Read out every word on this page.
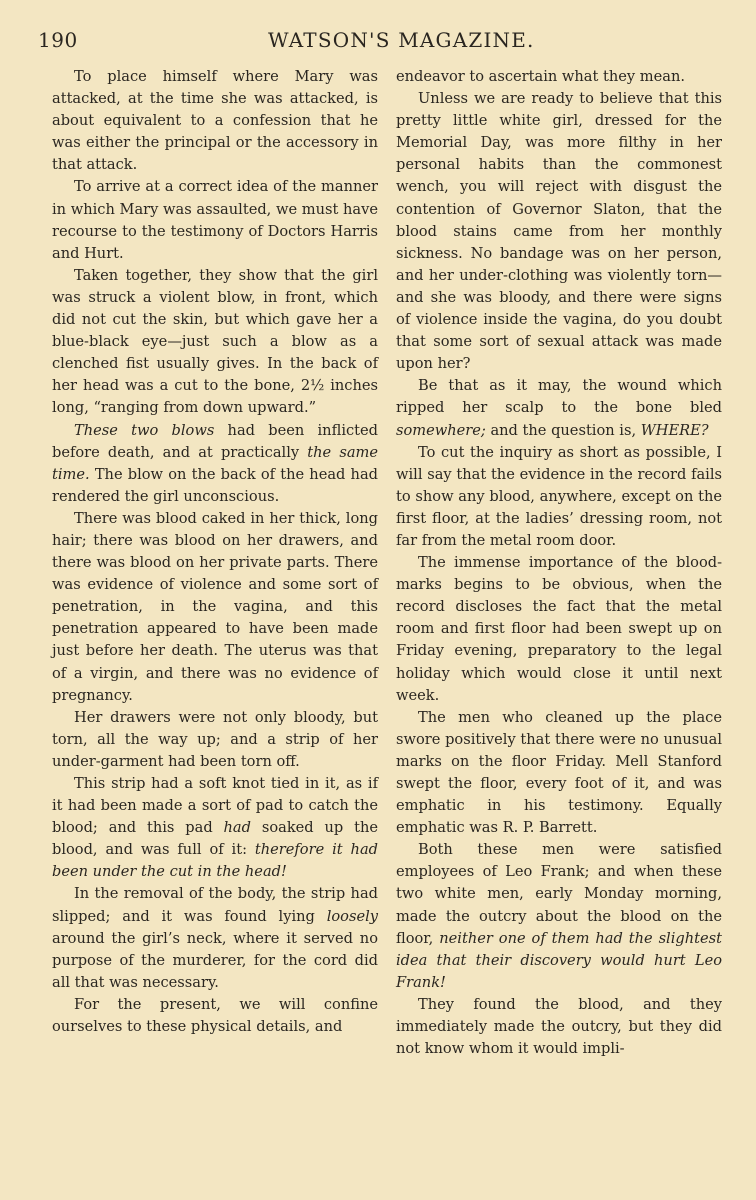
190	WATSON'S MAGAZINE.

To place himself where Mary was attacked, at the time she was attacked, is about equivalent to a confession that he was either the principal or the accessory in that attack.

To arrive at a correct idea of the manner in which Mary was assaulted, we must have recourse to the testimony of Doctors Harris and Hurt.

Taken together, they show that the girl was struck a violent blow, in front, which did not cut the skin, but which gave her a blue-black eye—just such a blow as a clenched fist usually gives. In the back of her head was a cut to the bone, 2½ inches long, “ranging from down upward.”

These two blows had been inflicted before death, and at practically the same time. The blow on the back of the head had rendered the girl unconscious.

There was blood caked in her thick, long hair; there was blood on her drawers, and there was blood on her private parts. There was evidence of violence and some sort of penetration, in the vagina, and this penetration appeared to have been made just before her death. The uterus was that of a virgin, and there was no evidence of pregnancy.

Her drawers were not only bloody, but torn, all the way up; and a strip of her under-garment had been torn off.

This strip had a soft knot tied in it, as if it had been made a sort of pad to catch the blood; and this pad had soaked up the blood, and was full of it: therefore it had been under the cut in the head!

In the removal of the body, the strip had slipped; and it was found lying loosely around the girl’s neck, where it served no purpose of the murderer, for the cord did all that was necessary.

For the present, we will confine ourselves to these physical details, and

endeavor to ascertain what they mean.

Unless we are ready to believe that this pretty little white girl, dressed for the Memorial Day, was more filthy in her personal habits than the commonest wench, you will reject with disgust the contention of Governor Slaton, that the blood stains came from her monthly sickness. No bandage was on her person, and her under-clothing was violently torn—and she was bloody, and there were signs of violence inside the vagina, do you doubt that some sort of sexual attack was made upon her?

Be that as it may, the wound which ripped her scalp to the bone bled somewhere; and the question is, WHERE?

To cut the inquiry as short as possible, I will say that the evidence in the record fails to show any blood, anywhere, except on the first floor, at the ladies’ dressing room, not far from the metal room door.

The immense importance of the blood-marks begins to be obvious, when the record discloses the fact that the metal room and first floor had been swept up on Friday evening, preparatory to the legal holiday which would close it until next week.

The men who cleaned up the place swore positively that there were no unusual marks on the floor Friday. Mell Stanford swept the floor, every foot of it, and was emphatic in his testimony. Equally emphatic was R. P. Barrett.

Both these men were satisfied employees of Leo Frank; and when these two white men, early Monday morning, made the outcry about the blood on the floor, neither one of them had the slightest idea that their discovery would hurt Leo Frank!

They found the blood, and they immediately made the outcry, but they did not know whom it would impli-
